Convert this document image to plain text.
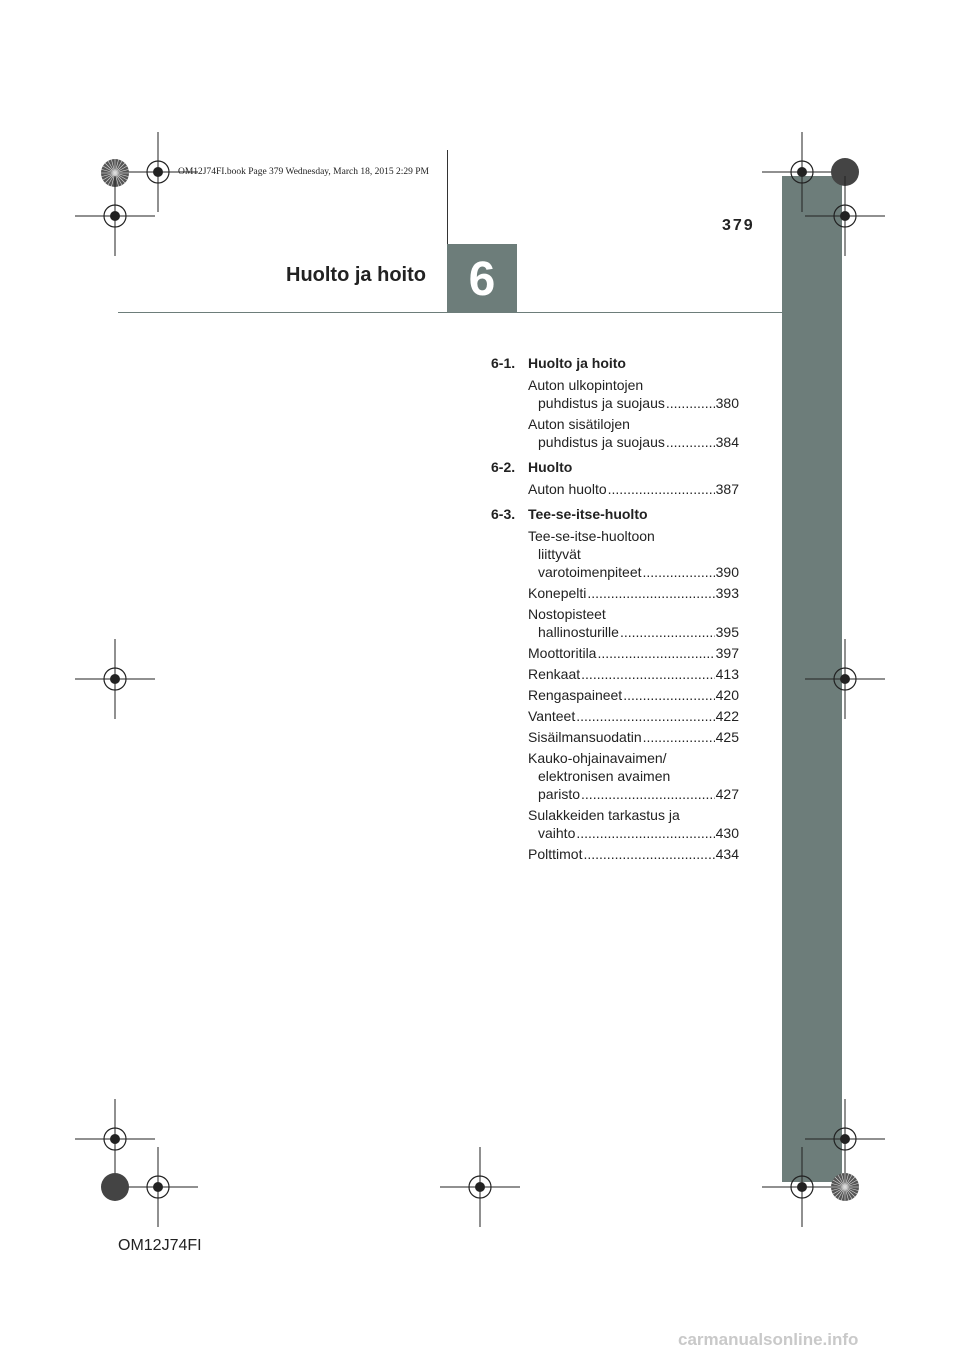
6
Huolto ja hoito
379
OM12J74FI.book Page 379 Wednesday, March 18, 2015 2:29 PM
6-1. Huolto ja hoito
Auton ulkopintojen
puhdistus ja suojaus .....	380
Auton sisätilojen
puhdistus ja suojaus .....	384
6-2. Huolto
Auton huolto .....	387
6-3. Tee-se-itse-huolto
Tee-se-itse-huoltoon
liittyvät
varotoimenpiteet .....	390
Konepelti .....	393
Nostopisteet
hallinosturille .....	395
Moottoritila .....	397
Renkaat .....	413
Rengaspaineet .....	420
Vanteet .....	422
Sisäilmansuodatin .....	425
Kauko-ohjainavaimen/
elektronisen avaimen
paristo .....	427
Sulakkeiden tarkastus ja
vaihto .....	430
Polttimot .....	434
OM12J74FI
carmanualsonline.info
